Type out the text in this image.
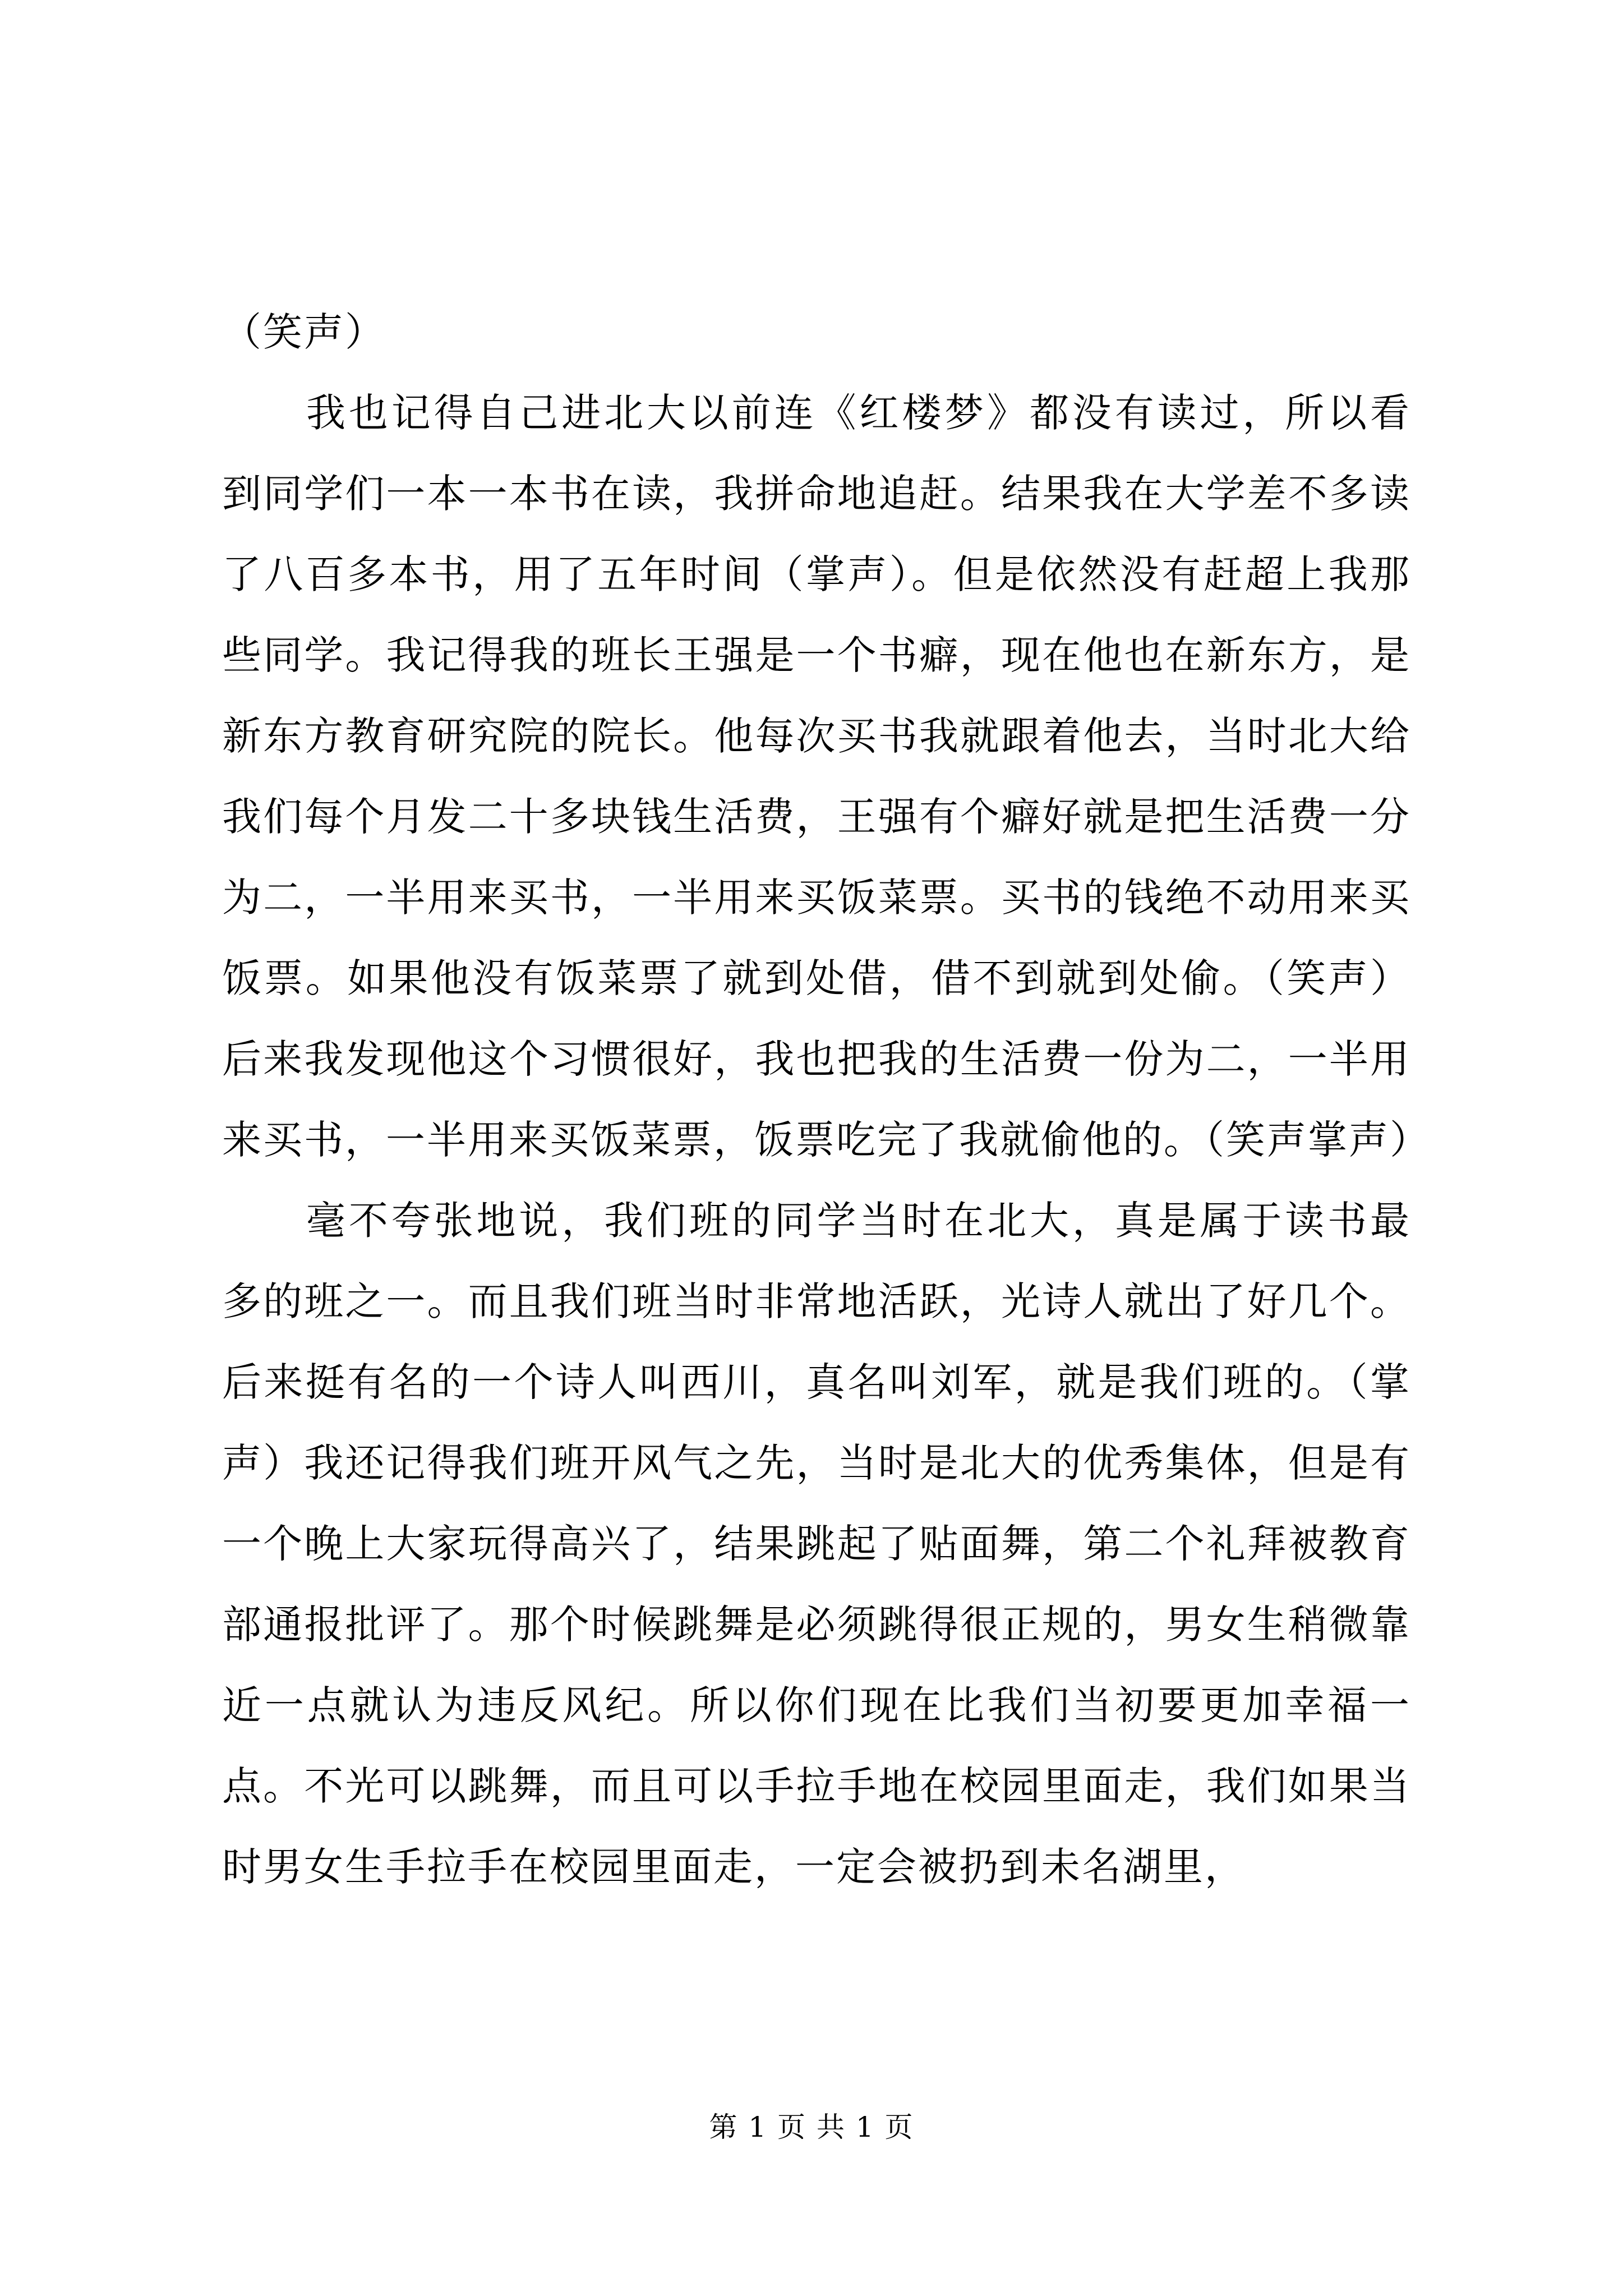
（笑声）

我也记得自己进北大以前连《红楼梦》都没有读过，所以看到同学们一本一本书在读，我拼命地追赶。结果我在大学差不多读了八百多本书，用了五年时间（掌声）。但是依然没有赶超上我那些同学。我记得我的班长王强是一个书癖，现在他也在新东方，是新东方教育研究院的院长。他每次买书我就跟着他去，当时北大给我们每个月发二十多块钱生活费，王强有个癖好就是把生活费一分为二，一半用来买书，一半用来买饭菜票。买书的钱绝不动用来买饭票。如果他没有饭菜票了就到处借，借不到就到处偷。（笑声）后来我发现他这个习惯很好，我也把我的生活费一份为二，一半用来买书，一半用来买饭菜票，饭票吃完了我就偷他的。（笑声掌声）

毫不夸张地说，我们班的同学当时在北大，真是属于读书最多的班之一。而且我们班当时非常地活跃，光诗人就出了好几个。后来挺有名的一个诗人叫西川，真名叫刘军，就是我们班的。（掌声）我还记得我们班开风气之先，当时是北大的优秀集体，但是有一个晚上大家玩得高兴了，结果跳起了贴面舞，第二个礼拜被教育部通报批评了。那个时候跳舞是必须跳得很正规的，男女生稍微靠近一点就认为违反风纪。所以你们现在比我们当初要更加幸福一点。不光可以跳舞，而且可以手拉手地在校园里面走，我们如果当时男女生手拉手在校园里面走，一定会被扔到未名湖里，

第 1 页 共 1 页
